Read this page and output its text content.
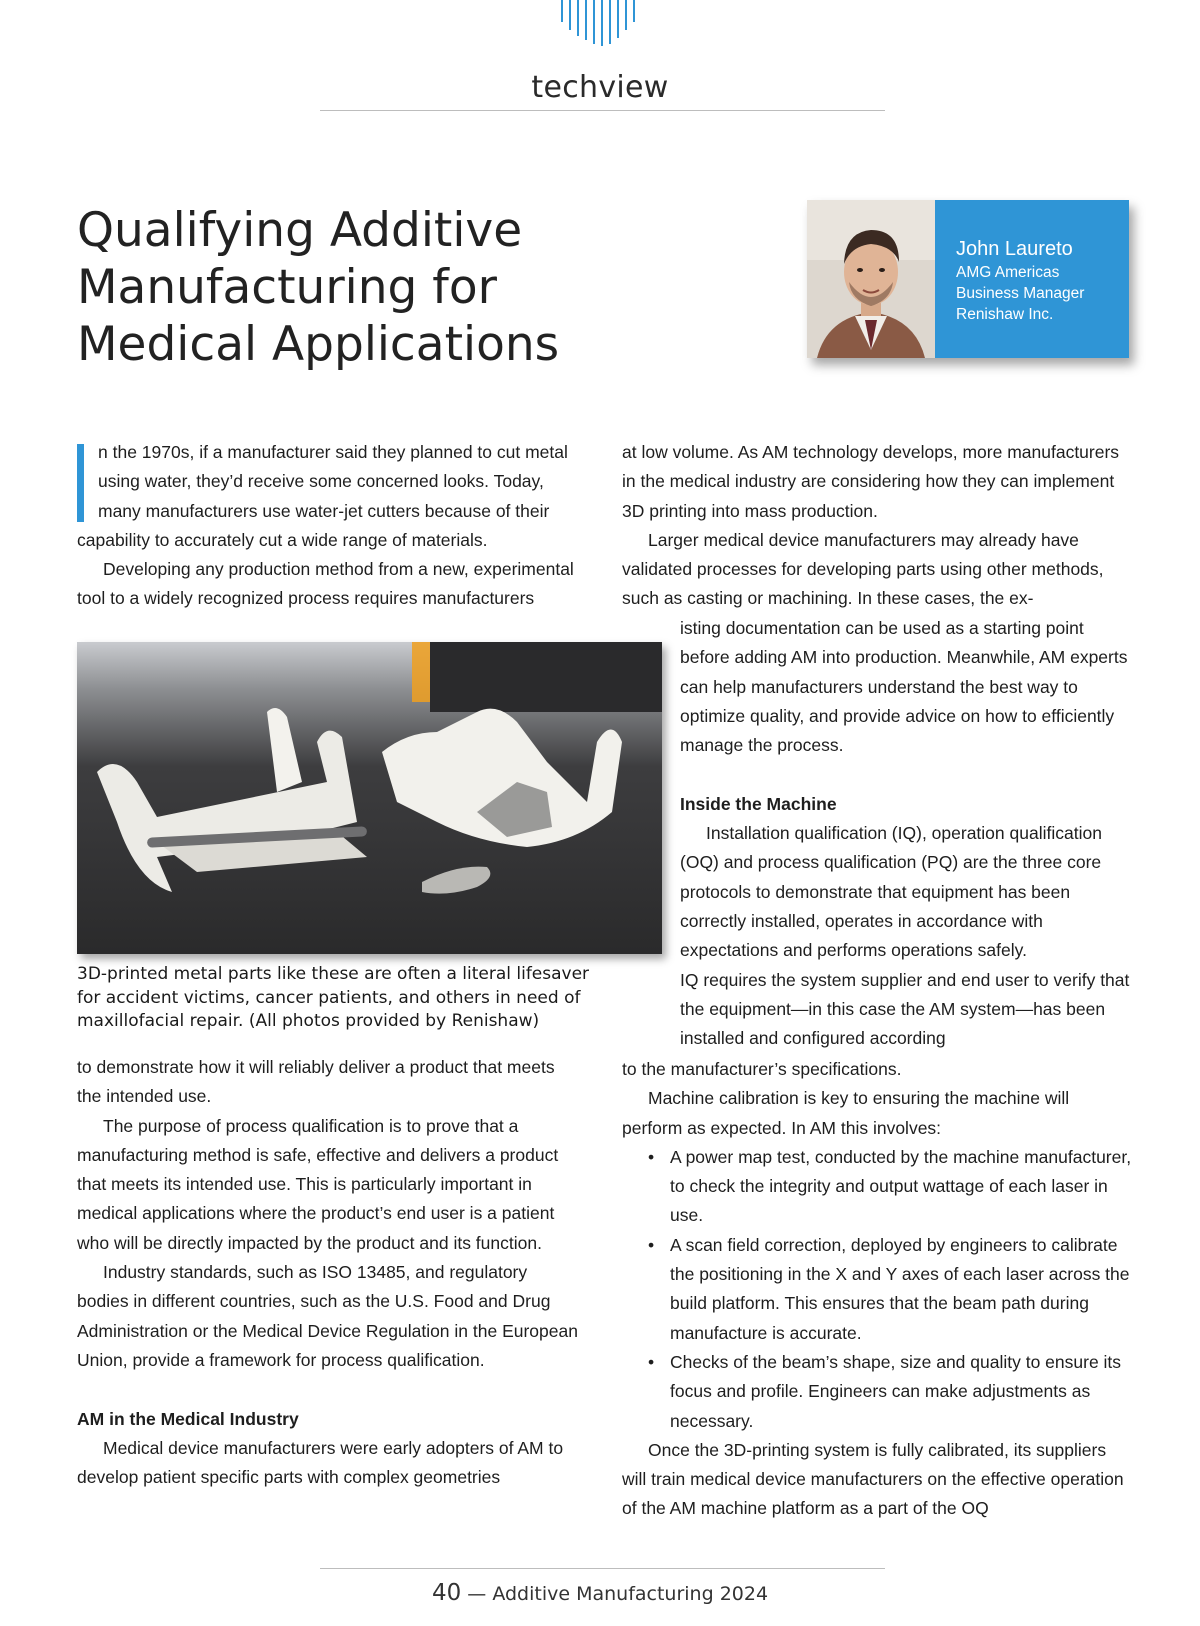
techview
Qualifying Additive
Manufacturing for
Medical Applications
John Laureto
AMG Americas
Business Manager
Renishaw Inc.

n the 1970s, if a manufacturer said they planned to cut metal using water, they’d receive some concerned looks. Today, many manufacturers use water-jet cutters because of their capability to accurately cut a wide range of materials.

Developing any production method from a new, experimental tool to a widely recognized process requires manufacturers

3D-printed metal parts like these are often a literal lifesaver for accident victims, cancer patients, and others in need of maxillofacial repair. (All photos provided by Renishaw)

to demonstrate how it will reliably deliver a product that meets the intended use.

The purpose of process qualification is to prove that a manufacturing method is safe, effective and delivers a product that meets its intended use. This is particularly important in medical applications where the product’s end user is a patient who will be directly impacted by the product and its function.

Industry standards, such as ISO 13485, and regulatory bodies in different countries, such as the U.S. Food and Drug Administration or the Medical Device Regulation in the European Union, provide a framework for process qualification.

AM in the Medical Industry

Medical device manufacturers were early adopters of AM to develop patient specific parts with complex geometries

at low volume. As AM technology develops, more manufacturers in the medical industry are considering how they can implement 3D printing into mass production.

Larger medical device manufacturers may already have validated processes for developing parts using other methods, such as casting or machining. In these cases, the ex-

isting documentation can be used as a starting point before adding AM into production. Meanwhile, AM experts can help manufacturers understand the best way to optimize quality, and provide advice on how to efficiently manage the process.

Inside the Machine

Installation qualification (IQ), operation qualification (OQ) and process qualification (PQ) are the three core protocols to demonstrate that equipment has been correctly installed, operates in accordance with expectations and performs operations safely.

IQ requires the system supplier and end user to verify that the equipment—in this case the AM system—has been installed and configured according

to the manufacturer’s specifications.

Machine calibration is key to ensuring the machine will perform as expected. In AM this involves:

• A power map test, conducted by the machine manufacturer, to check the integrity and output wattage of each laser in use.
• A scan field correction, deployed by engineers to calibrate the positioning in the X and Y axes of each laser across the build platform. This ensures that the beam path during manufacture is accurate.
• Checks of the beam’s shape, size and quality to ensure its focus and profile. Engineers can make adjustments as necessary.

Once the 3D-printing system is fully calibrated, its suppliers will train medical device manufacturers on the effective operation of the AM machine platform as a part of the OQ

40 — Additive Manufacturing 2024
